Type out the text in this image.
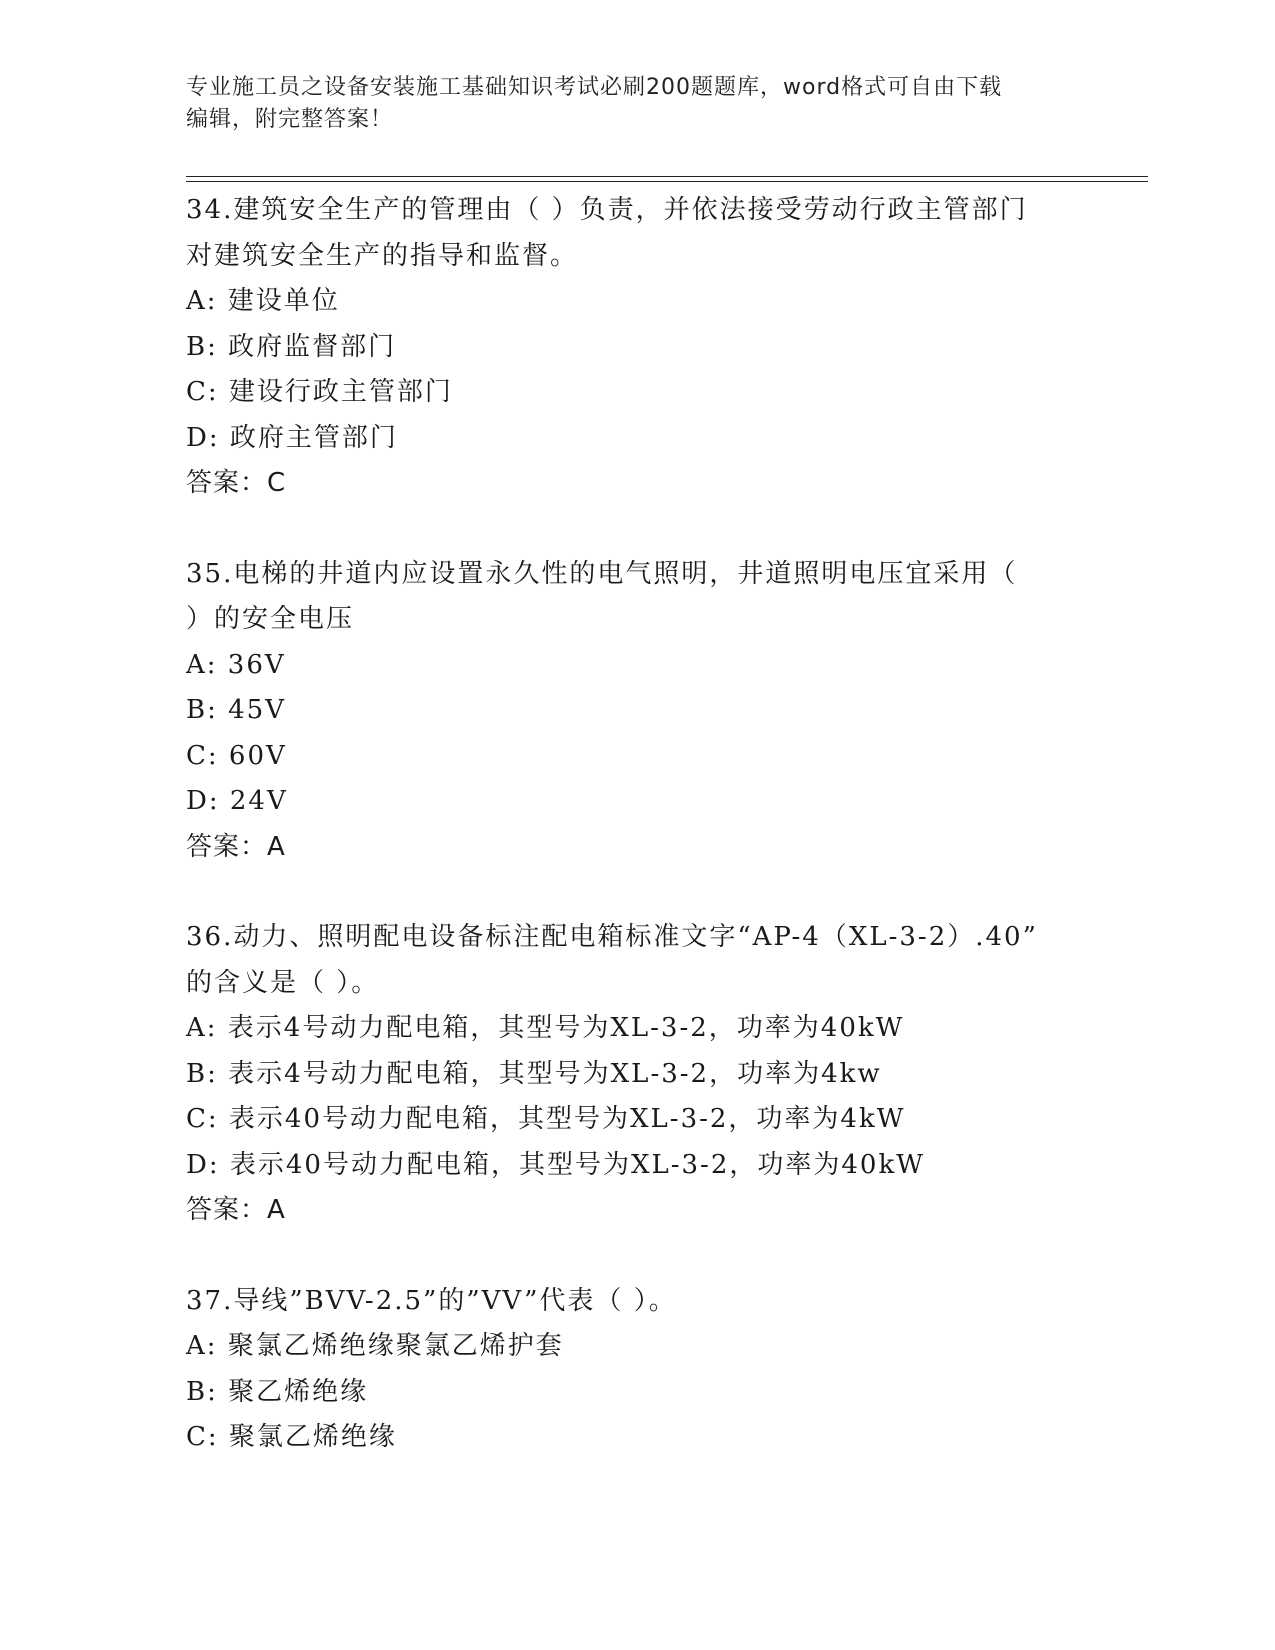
专业施工员之设备安装施工基础知识考试必刷200题题库，word格式可自由下载
编辑，附完整答案！
34.建筑安全生产的管理由（ ）负责，并依法接受劳动行政主管部门
对建筑安全生产的指导和监督。
A: 建设单位
B: 政府监督部门
C: 建设行政主管部门
D: 政府主管部门
答案：C
35.电梯的井道内应设置永久性的电气照明，井道照明电压宜采用（
）的安全电压
A: 36V
B: 45V
C: 60V
D: 24V
答案：A
36.动力、照明配电设备标注配电箱标准文字“AP-4（XL-3-2）.40”
的含义是（ ）。
A: 表示4号动力配电箱，其型号为XL-3-2，功率为40kW
B: 表示4号动力配电箱，其型号为XL-3-2，功率为4kw
C: 表示40号动力配电箱，其型号为XL-3-2，功率为4kW
D: 表示40号动力配电箱，其型号为XL-3-2，功率为40kW
答案：A
37.导线”BVV-2.5”的”VV”代表（ ）。
A: 聚氯乙烯绝缘聚氯乙烯护套
B: 聚乙烯绝缘
C: 聚氯乙烯绝缘
